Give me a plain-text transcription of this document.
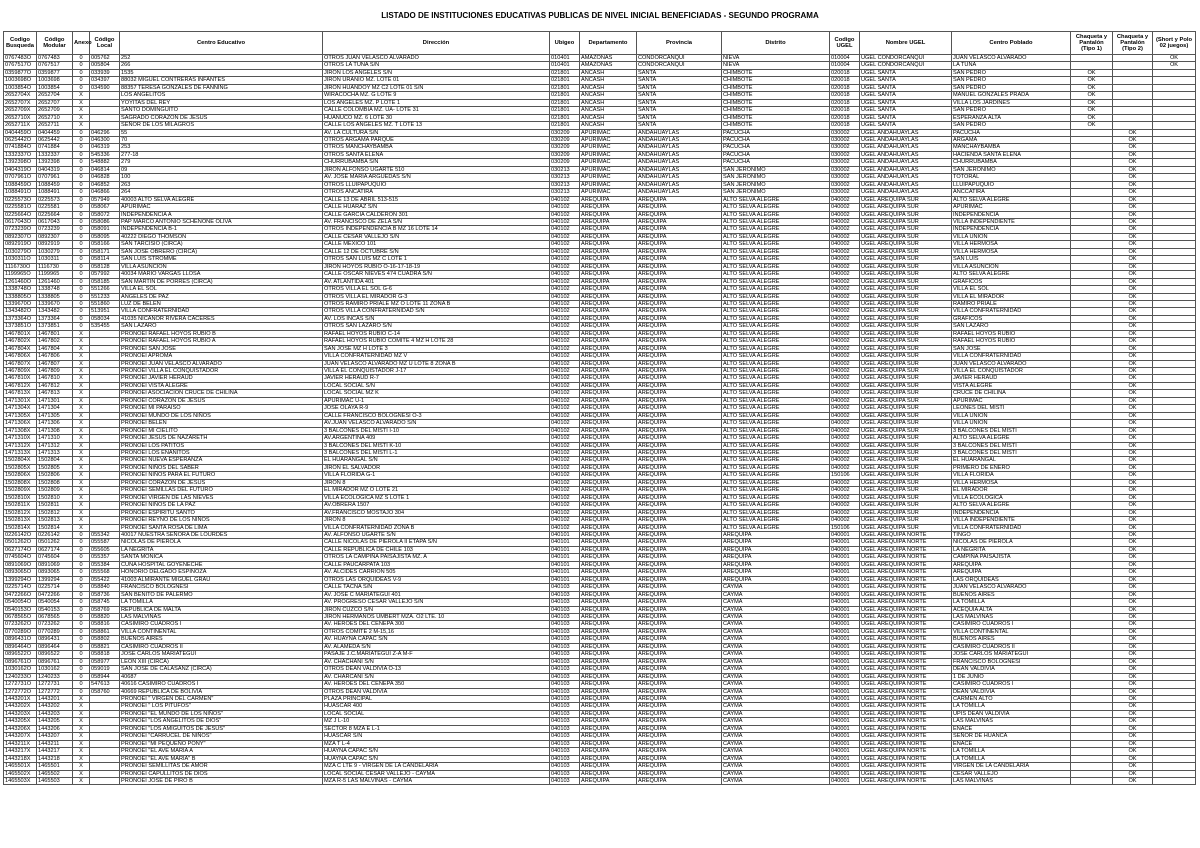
LISTADO DE INSTITUCIONES EDUCATIVAS PUBLICAS DE NIVEL INICIAL BENEFICIADAS - SEGUNDO PROGRAMA
Codigo Busqueda	Código Modular	Anexo	Código Local	Centro Educativo	Dirección	Ubigeo	Departamento	Provincia	Distrito	Codigo UGEL	Nombre UGEL	Centro Poblado	Chaqueta y Pantalón (Tipo 1)	Chaqueta y Pantalón (Tipo 2)	(Short y Polo 02 juegos)
0767483O	0767483	0	005762	252	OTROS JUAN VELASCO ALVARADO	010401	AMAZONAS	CONDORCANQUI	NIEVA	010004	UGEL CONDORCANQUI	JUAN VELASCO ALVARADO			OK
0767517O	0767517	0	005804	266	OTROS LA TUNA S/N	010401	AMAZONAS	CONDORCANQUI	NIEVA	010004	UGEL CONDORCANQUI	LA TUNA			OK
0359877O	0359877	0	033939	1535	JIRON LOS ANGELES S/N	021801	ANCASH	SANTA	CHIMBOTE	020018	UGEL SANTA	SAN PEDRO	OK		
1003698O	1003698	0	034397	88032 MIGUEL CONTRERAS INFANTES	JIRON URANIO MZ. LOTE 01	021801	ANCASH	SANTA	CHIMBOTE	020018	UGEL SANTA	SAN PEDRO	OK		
1003854O	1003854	0	034590	88357 TERESA GONZALES DE FANNING	JIRON HUANDOY MZ C2 LOTE 01 S/N	021801	ANCASH	SANTA	CHIMBOTE	020018	UGEL SANTA	SAN PEDRO	OK		
2652704X	2652704	X		LOS ANGELITOS	WIRACOCHA MZ. G LOTE 9	021801	ANCASH	SANTA	CHIMBOTE	020018	UGEL SANTA	MANUEL GONZALES PRADA	OK		
2652707X	2652707	X		YOYITAS DEL REY	LOS ANGELES MZ. P LOTE 1	021801	ANCASH	SANTA	CHIMBOTE	020018	UGEL SANTA	VILLA LOS JARDINES	OK		
2652709X	2652709	X		SANTO DOMINGUITO	CALLE COLOMBIA MZ. UA- LOTE 31	021801	ANCASH	SANTA	CHIMBOTE	020018	UGEL SANTA	SAN PEDRO	OK		
2652710X	2652710	X		SAGRADO CORAZON DE JESUS	HUANUCO MZ. 6 LOTE 30	021801	ANCASH	SANTA	CHIMBOTE	020018	UGEL SANTA	ESPERANZA ALTA	OK		
2652711X	2652711	X		SEÑOR DE LOS MILAGROS	CALLE LOS ANGELES MZ. T LOTE 13	021801	ANCASH	SANTA	CHIMBOTE	020018	UGEL SANTA	SAN PEDRO	OK		
0404459O	0404459	0	046296	55	AV. LA CULTURA S/N	030209	APURIMAC	ANDAHUAYLAS	PACUCHA	030002	UGEL ANDAHUAYLAS	PACUCHA		OK	
0625442O	0625442	0	046300	70	OTROS ARGAMA PARQUE	030209	APURIMAC	ANDAHUAYLAS	PACUCHA	030002	UGEL ANDAHUAYLAS	ARGAMA		OK	
0741884O	0741884	0	046319	253	OTROS MANCHAYBAMBA	030209	APURIMAC	ANDAHUAYLAS	PACUCHA	030002	UGEL ANDAHUAYLAS	MANCHAYBAMBA		OK	
1332337O	1332337	0	545336	277-18	OTROS SANTA ELENA	030209	APURIMAC	ANDAHUAYLAS	PACUCHA	030002	UGEL ANDAHUAYLAS	HACIENDA SANTA ELENA		OK	
1392398O	1392398	0	548882	279	CHURRUBAMBA S/N	030209	APURIMAC	ANDAHUAYLAS	PACUCHA	030002	UGEL ANDAHUAYLAS	CHURRUBAMBA		OK	
0404319O	0404319	0	046814	09	JIRON ALFONSO UGARTE 510	030213	APURIMAC	ANDAHUAYLAS	SAN JERONIMO	030002	UGEL ANDAHUAYLAS	SAN JERONIMO		OK	
0707961O	0707961	0	046828	100	AV. JOSE MARIA ARGUEDAS S/N	030213	APURIMAC	ANDAHUAYLAS	SAN JERONIMO	030002	UGEL ANDAHUAYLAS	TOTORAL		OK	
1088459O	1088459	0	046852	263	OTROS LLUIPAPUQUIO	030213	APURIMAC	ANDAHUAYLAS	SAN JERONIMO	030002	UGEL ANDAHUAYLAS	LLUIPAPUQUIO		OK	
1088491O	1088491	0	046866	264	OTROS ANCATIRA	030213	APURIMAC	ANDAHUAYLAS	SAN JERONIMO	030002	UGEL ANDAHUAYLAS	ANCCATIRA		OK	
0225573O	0225573	0	057949	40003 ALTO SELVA ALEGRE	CALLE 13 DE ABRIL 513-515	040102	AREQUIPA	AREQUIPA	ALTO SELVA ALEGRE	040002	UGEL AREQUIPA SUR	ALTO SELVA ALEGRE		OK	
0225581O	0225581	0	058067	APURIMAC	CALLE HUARAZ S/N	040102	AREQUIPA	AREQUIPA	ALTO SELVA ALEGRE	040002	UGEL AREQUIPA SUR	APURIMAC		OK	
0225664O	0225664	0	058072	INDEPENDENCIA A	CALLE GARCIA CALDERON 301	040102	AREQUIPA	AREQUIPA	ALTO SELVA ALEGRE	040002	UGEL AREQUIPA SUR	INDEPENDENCIA		OK	
0617043O	0617043	0	058086	PAP MARCO ANTONIO SCHENONE OLIVA	AV. FRANCISCO DE ZELA S/N	040102	AREQUIPA	AREQUIPA	ALTO SELVA ALEGRE	040002	UGEL AREQUIPA SUR	VILLA INDEPENDIENTE		OK	
0723239O	0723239	0	058091	INDEPENDENCIA B-1	OTROS INDEPENDENCIA B MZ 16 LOTE 14	040102	AREQUIPA	AREQUIPA	ALTO SELVA ALEGRE	040002	UGEL AREQUIPA SUR	INDEPENDENCIA		OK	
0892307O	0892307	0	058095	40222 DIEGO THOMSON	CALLE CESAR VALLEJO S/N	040102	AREQUIPA	AREQUIPA	ALTO SELVA ALEGRE	040002	UGEL AREQUIPA SUR	VILLA UNION		OK	
0892919O	0892919	0	058166	SAN TARCISIO (CIRCA)	CALLE MEXICO 101	040102	AREQUIPA	AREQUIPA	ALTO SELVA ALEGRE	040002	UGEL AREQUIPA SUR	VILLA HERMOSA		OK	
1030279O	1030279	0	058171	SAN JOSE OBRERO (CIRCA)	CALLE 12 DE OCTUBRE S/N	040102	AREQUIPA	AREQUIPA	ALTO SELVA ALEGRE	040002	UGEL AREQUIPA SUR	VILLA HERMOSA		OK	
1030311O	1030311	0	058114	SAN LUIS STROMME	OTROS SAN LUIS MZ C LOTE 1	040102	AREQUIPA	AREQUIPA	ALTO SELVA ALEGRE	040002	UGEL AREQUIPA SUR	SAN LUIS		OK	
1116730O	1116730	0	058128	VILLA ASUNCION	JIRON HOYOS RUBIO O-16-17-18-19	040102	AREQUIPA	AREQUIPA	ALTO SELVA ALEGRE	040002	UGEL AREQUIPA SUR	VILLA ASUNCION		OK	
1199965O	1199965	0	057992	40034 MARIO VARGAS LLOSA	CALLE OSCAR NIEVES 474 CUADRA S/N	040102	AREQUIPA	AREQUIPA	ALTO SELVA ALEGRE	040002	UGEL AREQUIPA SUR	ALTO SELVA ALEGRE		OK	
1261460O	1261460	0	058185	SAN MARTIN DE PORRES (CIRCA)	AV. ATLANTIDA 401	040102	AREQUIPA	AREQUIPA	ALTO SELVA ALEGRE	040002	UGEL AREQUIPA SUR	GRAFICOS		OK	
1338748O	1338748	0	551266	VILLA EL SOL	OTROS VILLA EL SOL G-6	040102	AREQUIPA	AREQUIPA	ALTO SELVA ALEGRE	040002	UGEL AREQUIPA SUR	VILLA EL SOL		OK	
1338805O	1338805	0	551233	ANGELES DE PAZ	OTROS VILLA EL MIRADOR G-3	040102	AREQUIPA	AREQUIPA	ALTO SELVA ALEGRE	040002	UGEL AREQUIPA SUR	VILLA EL MIRADOR		OK	
1339670O	1339670	0	551860	LUZ DE BELEN	OTROS RAMIRO PRIALE MZ O LOTE 11 ZONA B	040102	AREQUIPA	AREQUIPA	ALTO SELVA ALEGRE	040002	UGEL AREQUIPA SUR	RAMIRO PRIALE		OK	
1343482O	1343482	0	513951	VILLA CONFRATERNIDAD	OTROS VILLA CONFRATERNIDAD S/N	040102	AREQUIPA	AREQUIPA	ALTO SELVA ALEGRE	040002	UGEL AREQUIPA SUR	VILLA CONFRATERNIDAD		OK	
1373364O	1373364	0	058034	41035 NICANOR RIVERA CACERES	AV. LOS INCAS S/N	040102	AREQUIPA	AREQUIPA	ALTO SELVA ALEGRE	040002	UGEL AREQUIPA SUR	GRAFICOS		OK	
1373851O	1373851	0	535455	SAN LAZARO	OTROS SAN LAZARO S/N	040102	AREQUIPA	AREQUIPA	ALTO SELVA ALEGRE	040002	UGEL AREQUIPA SUR	SAN LAZARO		OK	
1467801X	1467801	X		PRONOEI RAFAEL HOYOS RUBIO B	RAFAEL HOYOS RUBIO C-14	040102	AREQUIPA	AREQUIPA	ALTO SELVA ALEGRE	040002	UGEL AREQUIPA SUR	RAFAEL HOYOS RUBIO		OK	
1467802X	1467802	X		PRONOEI RAFAEL HOYOS RUBIO A	RAFAEL HOYOS RUBIO COMITE 4 MZ H LOTE 28	040102	AREQUIPA	AREQUIPA	ALTO SELVA ALEGRE	040002	UGEL AREQUIPA SUR	RAFAEL HOYOS RUBIO		OK	
1467804X	1467804	X		PRONOEI SAN JOSE	SAN JOSE MZ H LOTE 3	040102	AREQUIPA	AREQUIPA	ALTO SELVA ALEGRE	040002	UGEL AREQUIPA SUR	SAN JOSE		OK	
1467806X	1467806	X		PRONOEI APROMA	VILLA CONFRATERNIDAD MZ V	040102	AREQUIPA	AREQUIPA	ALTO SELVA ALEGRE	040002	UGEL AREQUIPA SUR	VILLA CONFRATERNIDAD		OK	
1467807X	1467807	X		PRONOEI JUAN VELASCO ALVARADO	JUAN VELASCO ALVARADO MZ U LOTE 8 ZONA B	040102	AREQUIPA	AREQUIPA	ALTO SELVA ALEGRE	040002	UGEL AREQUIPA SUR	JUAN VELASCO ALVARADO		OK	
1467809X	1467809	X		PRONOEI VILLA EL CONQUISTADOR	VILLA EL CONQUISTADOR J-17	040102	AREQUIPA	AREQUIPA	ALTO SELVA ALEGRE	040002	UGEL AREQUIPA SUR	VILLA EL CONQUISTADOR		OK	
1467810X	1467810	X		PRONOEI JAVIER HERAUD	JAVIER HERAUD R-7	040102	AREQUIPA	AREQUIPA	ALTO SELVA ALEGRE	040002	UGEL AREQUIPA SUR	JAVIER HERAUD		OK	
1467812X	1467812	X		PRONOEI VISTA ALEGRE	LOCAL SOCIAL S/N	040102	AREQUIPA	AREQUIPA	ALTO SELVA ALEGRE	040002	UGEL AREQUIPA SUR	VISTA ALEGRE		OK	
1467813X	1467813	X		PRONOEI ASOCIACION CRUCE DE CHILINA	LOCAL SOCIAL MZ K	040102	AREQUIPA	AREQUIPA	ALTO SELVA ALEGRE	040002	UGEL AREQUIPA SUR	CRUCE DE CHILINA		OK	
1471301X	1471301	X		PRONOEI CORAZON DE JESUS	APURIMAC U-1	040102	AREQUIPA	AREQUIPA	ALTO SELVA ALEGRE	040002	UGEL AREQUIPA SUR	APURIMAC		OK	
1471304X	1471304	X		PRONOEI MI PARAISO	JOSE OLAYA R-9	040102	AREQUIPA	AREQUIPA	ALTO SELVA ALEGRE	040002	UGEL AREQUIPA SUR	LEONES DEL MISTI		OK	
1471305X	1471305	X		PRONOEI MUNDO DE LOS NIÑOS	CALLE FRANCISCO BOLOGNESI O-3	040102	AREQUIPA	AREQUIPA	ALTO SELVA ALEGRE	040002	UGEL AREQUIPA SUR	VILLA UNION		OK	
1471306X	1471306	X		PRONOEI BELEN	AV.JUAN VELASCO ALVARADO S/N	040102	AREQUIPA	AREQUIPA	ALTO SELVA ALEGRE	040002	UGEL AREQUIPA SUR	VILLA UNION		OK	
1471308X	1471308	X		PRONOEI MI CIELITO	3 BALCONES DEL MISTI I-10	040102	AREQUIPA	AREQUIPA	ALTO SELVA ALEGRE	040002	UGEL AREQUIPA SUR	3 BALCONES DEL MISTI		OK	
1471310X	1471310	X		PRONOEI JESUS DE NAZARETH	AV.ARGENTINA 409	040102	AREQUIPA	AREQUIPA	ALTO SELVA ALEGRE	040002	UGEL AREQUIPA SUR	ALTO SELVA ALEGRE		OK	
1471312X	1471312	X		PRONOEI LOS PATITOS	3 BALCONES DEL MISTI K-10	040102	AREQUIPA	AREQUIPA	ALTO SELVA ALEGRE	040002	UGEL AREQUIPA SUR	3 BALCONES DEL MISTI		OK	
1471313X	1471313	X		PRONOEI LOS ENANITOS	3 BALCONES DEL MISTI L-1	040102	AREQUIPA	AREQUIPA	ALTO SELVA ALEGRE	040002	UGEL AREQUIPA SUR	3 BALCONES DEL MISTI		OK	
1502804X	1502804	X		PRONOEI NUEVA ESPERANZA	EL HUARANGAL S/N	040102	AREQUIPA	AREQUIPA	ALTO SELVA ALEGRE	040002	UGEL AREQUIPA SUR	EL HUARANGAL		OK	
1502805X	1502805	X		PRONOEI NIÑOS DEL SABER	JIRON EL SALVADOR	040102	AREQUIPA	AREQUIPA	ALTO SELVA ALEGRE	040002	UGEL AREQUIPA SUR	PRIMERO DE ENERO		OK	
1502806X	1502806	X		PRONOEI NIÑOS PARA EL FUTURO	VILLA FLORIDA G-1	040102	AREQUIPA	AREQUIPA	ALTO SELVA ALEGRE	150106	UGEL AREQUIPA SUR	VILLA FLORIDA		OK	
1502808X	1502808	X		PRONOEI CORAZON DE JESUS	JIRON 8	040102	AREQUIPA	AREQUIPA	ALTO SELVA ALEGRE	040002	UGEL AREQUIPA SUR	VILLA HERMOSA		OK	
1502809X	1502809	X		PRONOEI SEMILLAS DEL FUTURO	EL MIRADOR MZ O LOTE 21	040102	AREQUIPA	AREQUIPA	ALTO SELVA ALEGRE	040002	UGEL AREQUIPA SUR	EL MIRADOR		OK	
1502810X	1502810	X		PRONOEI VIRGEN DE LAS NIEVES	VILLA ECOLOGICA MZ S LOTE 1	040102	AREQUIPA	AREQUIPA	ALTO SELVA ALEGRE	040002	UGEL AREQUIPA SUR	VILLA ECOLOGICA		OK	
1502811X	1502811	X		PRONOEI NIÑOS DE LA PAZ	AV.OBRERA 1507	040102	AREQUIPA	AREQUIPA	ALTO SELVA ALEGRE	040002	UGEL AREQUIPA SUR	ALTO SELVA ALEGRE		OK	
1502812X	1502812	X		PRONOEI ESPIRITU SANTO	AV.FRANCISCO MOSTAJO 304	040102	AREQUIPA	AREQUIPA	ALTO SELVA ALEGRE	040002	UGEL AREQUIPA SUR	INDEPENDENCIA		OK	
1502813X	1502813	X		PRONOEI REYNO DE LOS NIÑOS	JIRON 8	040102	AREQUIPA	AREQUIPA	ALTO SELVA ALEGRE	040002	UGEL AREQUIPA SUR	VILLA INDEPENDIENTE		OK	
1502814X	1502814	X		PRONOEI SANTA ROSA DE LIMA	VILLA CONFRATERNIDAD ZONA B	040102	AREQUIPA	AREQUIPA	ALTO SELVA ALEGRE	150106	UGEL AREQUIPA SUR	VILLA CONFRATERNIDAD		OK	
0226142O	0226142	0	055342	40017 NUESTRA SEÑORA DE LOURDES	AV. ALFONSO UGARTE S/N	040101	AREQUIPA	AREQUIPA	AREQUIPA	040001	UGEL AREQUIPA NORTE	TINGO		OK	
0501262O	0501262	0	055587	NICOLAS DE PIEROLA	CALLE NICOLAS DE PIEROLA II ETAPA S/N	040101	AREQUIPA	AREQUIPA	AREQUIPA	040001	UGEL AREQUIPA NORTE	NICOLAS DE PIEROLA		OK	
0627174O	0627174	0	055605	LA NEGRITA	CALLE REPUBLICA DE CHILE 103	040101	AREQUIPA	AREQUIPA	AREQUIPA	040001	UGEL AREQUIPA NORTE	LA NEGRITA		OK	
0745604O	0745604	0	055357	SANTA MONICA	OTROS LA CAMPIÑA PAISAJISTA MZ. A	040101	AREQUIPA	AREQUIPA	AREQUIPA	040001	UGEL AREQUIPA NORTE	CAMPIÑA PAISAJISTA		OK	
0891069O	0891069	0	055384	CUNA HOSPITAL GOYENECHE	CALLE PAUCARPATA 103	040101	AREQUIPA	AREQUIPA	AREQUIPA	040001	UGEL AREQUIPA NORTE	AREQUIPA		OK	
0893065O	0893065	0	055568	HONORIO DELGADO ESPINOZA	AV. ALCIDES CARRION 505	040101	AREQUIPA	AREQUIPA	AREQUIPA	040001	UGEL AREQUIPA NORTE	AREQUIPA		OK	
1399294O	1399294	0	055422	41003 ALMIRANTE MIGUEL GRAU	OTROS LAS ORQUIDEAS V-9	040101	AREQUIPA	AREQUIPA	AREQUIPA	040001	UGEL AREQUIPA NORTE	LAS ORQUIDEAS		OK	
0225714O	0225714	0	058840	FRANCISCO BOLOGNESI	CALLE TACNA S/N	040103	AREQUIPA	AREQUIPA	CAYMA	040001	UGEL AREQUIPA NORTE	JUAN VELASCO ALVARADO		OK	
0472266O	0472266	0	058736	SAN BENITO DE PALERMO	AV. JOSE C MARIATEGUI 401	040103	AREQUIPA	AREQUIPA	CAYMA	040001	UGEL AREQUIPA NORTE	BUENOS AIRES		OK	
0540054O	0540054	0	058745	LA TOMILLA	AV. PROGRESO CESAR VALLEJO S/N	040103	AREQUIPA	AREQUIPA	CAYMA	040001	UGEL AREQUIPA NORTE	LA TOMILLA		OK	
0540153O	0540153	0	058769	REPUBLICA DE MALTA	JIRON CUZCO S/N	040103	AREQUIPA	AREQUIPA	CAYMA	040001	UGEL AREQUIPA NORTE	ACEQUIA ALTA		OK	
0678565O	0678565	0	058820	LAS MALVINAS	JIRON HERMANOS UMBERT MZA. O2 LTE. 10	040103	AREQUIPA	AREQUIPA	CAYMA	040001	UGEL AREQUIPA NORTE	LAS MALVINAS		OK	
0723262O	0723262	0	058816	CASIMIRO CUADROS I	AV. HEROES DEL CENEPA 300	040103	AREQUIPA	AREQUIPA	CAYMA	040001	UGEL AREQUIPA NORTE	CASIMIRO CUADROS I		OK	
0770289O	0770289	0	058861	VILLA CONTINENTAL	OTROS COMITE 2 M-15,16	040103	AREQUIPA	AREQUIPA	CAYMA	040001	UGEL AREQUIPA NORTE	VILLA CONTINENTAL		OK	
0896431O	0896431	0	058802	BUENOS AIRES	AV. HUAYNA CAPAC S/N	040103	AREQUIPA	AREQUIPA	CAYMA	040001	UGEL AREQUIPA NORTE	BUENOS AIRES		OK	
0896464O	0896464	0	058821	CASIMIRO CUADROS II	AV. ALAMEDA S/N	040103	AREQUIPA	AREQUIPA	CAYMA	040001	UGEL AREQUIPA NORTE	CASIMIRO CUADROS II		OK	
0896522O	0896522	0	058818	JOSE CARLOS MARIATEGUI	PASAJE J.C.MARIATEGUI Z-A M-F	040103	AREQUIPA	AREQUIPA	CAYMA	040001	UGEL AREQUIPA NORTE	JOSE CARLOS MARIATEGUI		OK	
0896761O	0896761	0	058977	LEON XIII (CIRCA)	AV. CHACHANI S/N	040103	AREQUIPA	AREQUIPA	CAYMA	040001	UGEL AREQUIPA NORTE	FRANCISCO BOLOGNESI		OK	
1030162O	1030162	0	059019	SAN JOSE DE CALASANZ (CIRCA)	OTROS DEAN VALDIVIA O-13	040103	AREQUIPA	AREQUIPA	CAYMA	040001	UGEL AREQUIPA NORTE	DEAN VALDIVIA		OK	
1240233O	1240233	0	058944	40687	AV. CHARCANI S/N	040103	AREQUIPA	AREQUIPA	CAYMA	040001	UGEL AREQUIPA NORTE	1 DE JUNIO		OK	
1272731O	1272731	0	547613	40616 CASIMIRO CUADROS I	AV. HEROES DEL CENEPA 350	040103	AREQUIPA	AREQUIPA	CAYMA	040001	UGEL AREQUIPA NORTE	CASIMIRO CUADROS I		OK	
1272772O	1272772	0	058760	40669 REPUBLICA DE BOLIVIA	OTROS DEAN VALDIVIA	040103	AREQUIPA	AREQUIPA	CAYMA	040001	UGEL AREQUIPA NORTE	DEAN VALDIVIA		OK	
1443201X	1443201	X		PRONOEI " VIRGEN DEL CARMEN"	PLAZA PRINCIPAL	040103	AREQUIPA	AREQUIPA	CAYMA	040001	UGEL AREQUIPA NORTE	CARMEN ALTO		OK	
1443202X	1443202	X		PRONOEI " LOS PITUFOS"	HUASCAR 400	040103	AREQUIPA	AREQUIPA	CAYMA	040001	UGEL AREQUIPA NORTE	LA TOMILLA		OK	
1443203X	1443203	X		PRONOEI "EL MUNDO DE LOS NIÑOS"	LOCAL SOCIAL	040103	AREQUIPA	AREQUIPA	CAYMA	040001	UGEL AREQUIPA NORTE	UPIS DEAN VALDIVIA		OK	
1443205X	1443205	X		PRONOEI "LOS ANGELITOS DE DIOS"	MZ J L-10	040103	AREQUIPA	AREQUIPA	CAYMA	040001	UGEL AREQUIPA NORTE	LAS MALVINAS		OK	
1443206X	1443206	X		PRONOEI "LOS AMIGUITOS DE JESUS"	SECTOR 8 MZA E L-1	040103	AREQUIPA	AREQUIPA	CAYMA	040001	UGEL AREQUIPA NORTE	ENACE		OK	
1443207X	1443207	X		PRONOEI "CARRUCEL DE NIÑOS"	HUASCAR S/N	040103	AREQUIPA	AREQUIPA	CAYMA	040001	UGEL AREQUIPA NORTE	SEÑOR DE HUANCA		OK	
1443211X	1443211	X		PRONOEI "MI PEQUEÑO PONY"	MZA T L-4	040103	AREQUIPA	AREQUIPA	CAYMA	040001	UGEL AREQUIPA NORTE	ENACE		OK	
1443217X	1443217	X		PRONOEI "EL AVE MARIA A	HUAYNA CAPAC S/N	040103	AREQUIPA	AREQUIPA	CAYMA	040001	UGEL AREQUIPA NORTE	LA TOMILLA		OK	
1443218X	1443218	X		PRONOEI "EL AVE MARIA" B	HUAYNA CAPAC S/N	040103	AREQUIPA	AREQUIPA	CAYMA	040001	UGEL AREQUIPA NORTE	LA TOMILLA		OK	
1465501X	1465501	X		PRONOEI SEMILLITAS DE AMOR	MZA C LTE 9 - VIRGEN DE LA CANDELARIA	040103	AREQUIPA	AREQUIPA	CAYMA	040001	UGEL AREQUIPA NORTE	VIRGEN DE LA CANDELARIA		OK	
1465502X	1465502	X		PRONOEI CAPULLITOS DE DIOS	LOCAL SOCIAL CESAR VALLEJO - CAYMA	040103	AREQUIPA	AREQUIPA	CAYMA	040001	UGEL AREQUIPA NORTE	CESAR VALLEJO		OK	
1465503X	1465503	X		PRONOEI JOSE DE PIRO B	MZA R-5 LAS MALVINAS - CAYMA	040103	AREQUIPA	AREQUIPA	CAYMA	040001	UGEL AREQUIPA NORTE	LAS MALVINAS		OK	
